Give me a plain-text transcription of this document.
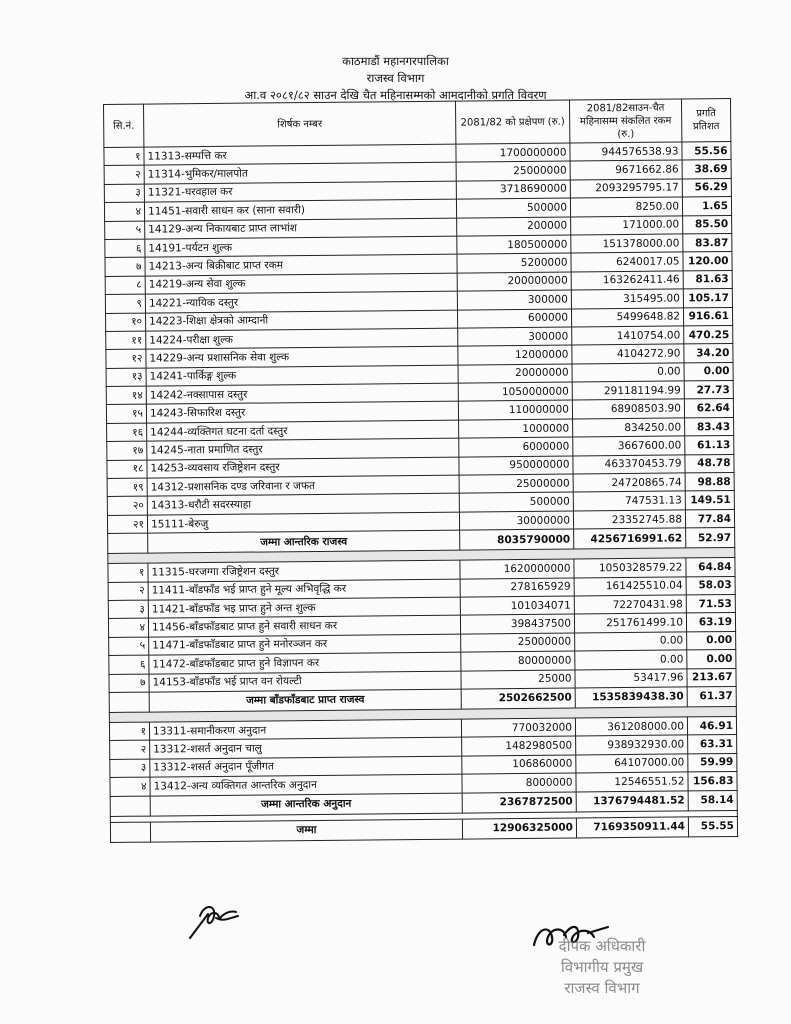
काठमाडौं महानगरपालिका
राजस्व विभाग
आ.व २०८१/८२ साउन देखि चैत महिनासम्मको आमदानीको प्रगति विवरण
सि.नं.	शिर्षक नम्बर	2081/82 को प्रक्षेपण (रु.)	2081/82साउन-चैत महिनासम्म संकलित रकम (रु.)	प्रगति प्रतिशत
१	11313-सम्पत्ति कर	1700000000	944576538.93	55.56
२	11314-भुमिकर/मालपोत	25000000	9671662.86	38.69
३	11321-घरवहाल कर	3718690000	2093295795.17	56.29
४	11451-सवारी साधन कर (साना सवारी)	500000	8250.00	1.65
५	14129-अन्य निकायबाट प्राप्त लाभांश	200000	171000.00	85.50
६	14191-पर्यटन शुल्क	180500000	151378000.00	83.87
७	14213-अन्य बिक्रीबाट प्राप्त रकम	5200000	6240017.05	120.00
८	14219-अन्य सेवा शुल्क	200000000	163262411.46	81.63
९	14221-न्यायिक दस्तुर	300000	315495.00	105.17
१०	14223-शिक्षा क्षेत्रको आम्दानी	600000	5499648.82	916.61
११	14224-परीक्षा शुल्क	300000	1410754.00	470.25
१२	14229-अन्य प्रशासनिक सेवा शुल्क	12000000	4104272.90	34.20
१३	14241-पार्किङ्ग शुल्क	20000000	0.00	0.00
१४	14242-नक्सापास दस्तुर	1050000000	291181194.99	27.73
१५	14243-सिफारिश दस्तुर	110000000	68908503.90	62.64
१६	14244-व्यक्तिगत घटना दर्ता दस्तुर	1000000	834250.00	83.43
१७	14245-नाता प्रमाणित दस्तुर	6000000	3667600.00	61.13
१८	14253-व्यवसाय रजिष्ट्रेशन दस्तुर	950000000	463370453.79	48.78
१९	14312-प्रशासनिक दण्ड जरिवाना र जफत	25000000	24720865.74	98.88
२०	14313-धरौटी सदरस्याहा	500000	747531.13	149.51
२१	15111-बेरुजु	30000000	23352745.88	77.84
	जम्मा आन्तरिक राजस्व	8035790000	4256716991.62	52.97

१	11315-घरजग्गा रजिष्ट्रेशन दस्तुर	1620000000	1050328579.22	64.84
२	11411-बाँडफाँड भई प्राप्त हुने मूल्य अभिवृद्धि कर	278165929	161425510.04	58.03
३	11421-बाँडफाँड भइ प्राप्त हुने अन्त शुल्क	101034071	72270431.98	71.53
४	11456-बाँडफाँडबाट प्राप्त हुने सवारी साधन कर	398437500	251761499.10	63.19
५	11471-बाँडफाँडबाट प्राप्त हुने मनोरञ्जन कर	25000000	0.00	0.00
६	11472-बाँडफाँडबाट प्राप्त हुने विज्ञापन कर	80000000	0.00	0.00
७	14153-बाँडफाँड भई प्राप्त वन रोयल्टी	25000	53417.96	213.67
	जम्मा बाँडफाँडबाट प्राप्त राजस्व	2502662500	1535839438.30	61.37

१	13311-समानीकरण अनुदान	770032000	361208000.00	46.91
२	13312-शसर्त अनुदान चालु	1482980500	938932930.00	63.31
३	13312-शसर्त अनुदान पूँजीगत	106860000	64107000.00	59.99
४	13412-अन्य व्यक्तिगत आन्तरिक अनुदान	8000000	12546551.52	156.83
	जम्मा आन्तरिक अनुदान	2367872500	1376794481.52	58.14

	जम्मा	12906325000	7169350911.44	55.55
दीपक अधिकारी
विभागीय प्रमुख
राजस्व विभाग
